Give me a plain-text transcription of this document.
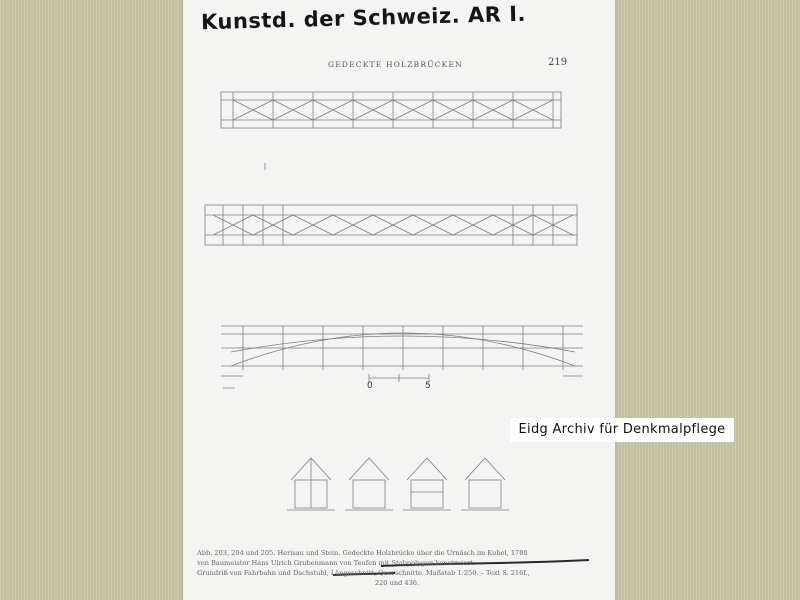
Kunstd. der Schweiz. AR I.
GEDECKTE HOLZBRÜCKEN	219
0	5
Abb. 203, 204 und 205. Herisau und Stein. Gedeckte Holzbrücke über die Urnäsch im Kubel, 1780
von Baumeister Hans Ulrich Grubenmann von Teufen mit Stabpolygon konstruiert.
Grundriß von Fahrbahn und Dachstuhl, Längsschnitt, Querschnitte. Maßstab 1:250. – Text S. 216f.,
220 und 436.
Eidg Archiv für Denkmalpflege
